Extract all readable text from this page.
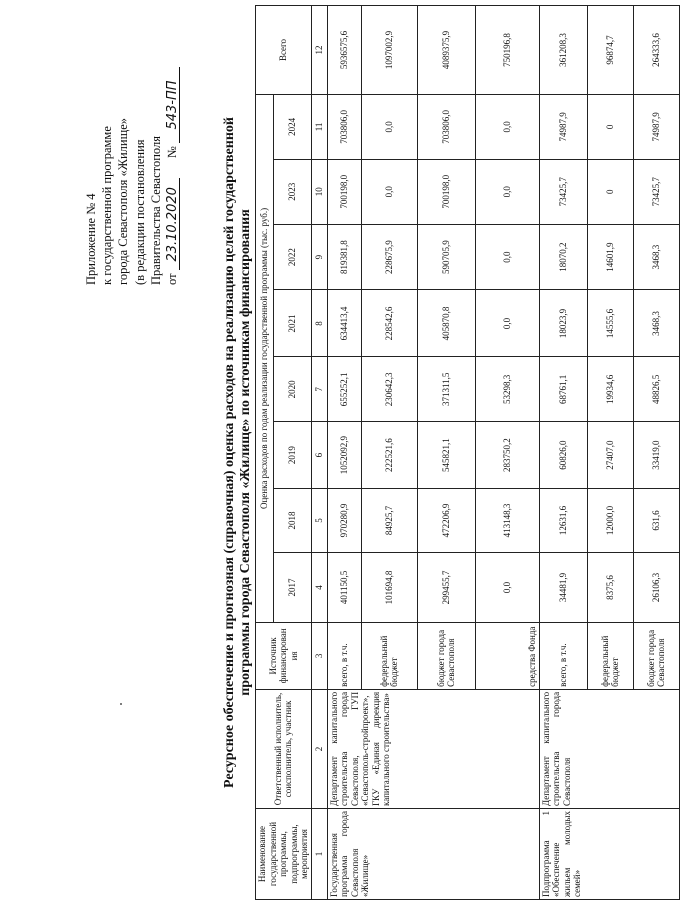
Приложение № 4 к государственной программе города Севастополя «Жилище» (в редакции постановления Правительства Севастополя от 23.10.2020  № 543-ПП
Ресурсное обеспечение и прогнозная (справочная) оценка расходов на реализацию целей государственной программы города Севастополя «Жилище» по источникам финансирования
Наименование государственной программы, подпрограммы, мероприятия	Ответственный исполнитель, соисполнитель, участник	Источник финансирован ия	Оценка расходов по годам реализации государственной программы (тыс. руб.)								Всего
			2017	2018	2019	2020	2021	2022	2023	2024	
1	2	3	4	5	6	7	8	9	10	11	12
Государственная программа города Севастополя «Жилище»	Департамент капитального строительства города Севастополя, ГУП «Севастополь-стройпроект», ГКУ «Единая дирекция капитального строительства»	всего, в т.ч.	401150,5	970280,9	1052092,9	655252,1	634413,4	819381,8	700198,0	703806,0	5936575,6
		федеральный бюджет	101694,8	84925,7	222521,6	230642,3	228542,6	228675,9	0,0	0,0	1097002,9
		бюджет города Севастополя	299455,7	472206,9	545821,1	371311,5	405870,8	590705,9	700198,0	703806,0	4089375,9
		средства Фонда	0,0	413148,3	283750,2	53298,3	0,0	0,0	0,0	0,0	750196,8
Подпрограмма 1 «Обеспечение жильем молодых семей»	Департамент капитального строительства города Севастополя	всего, в т.ч.	34481,9	12631,6	60826,0	68761,1	18023,9	18070,2	73425,7	74987,9	361208,3
		федеральный бюджет	8375,6	12000,0	27407,0	19934,6	14555,6	14601,9	0	0	96874,7
		бюджет города Севастополя	26106,3	631,6	33419,0	48826,5	3468,3	3468,3	73425,7	74987,9	264333,6
